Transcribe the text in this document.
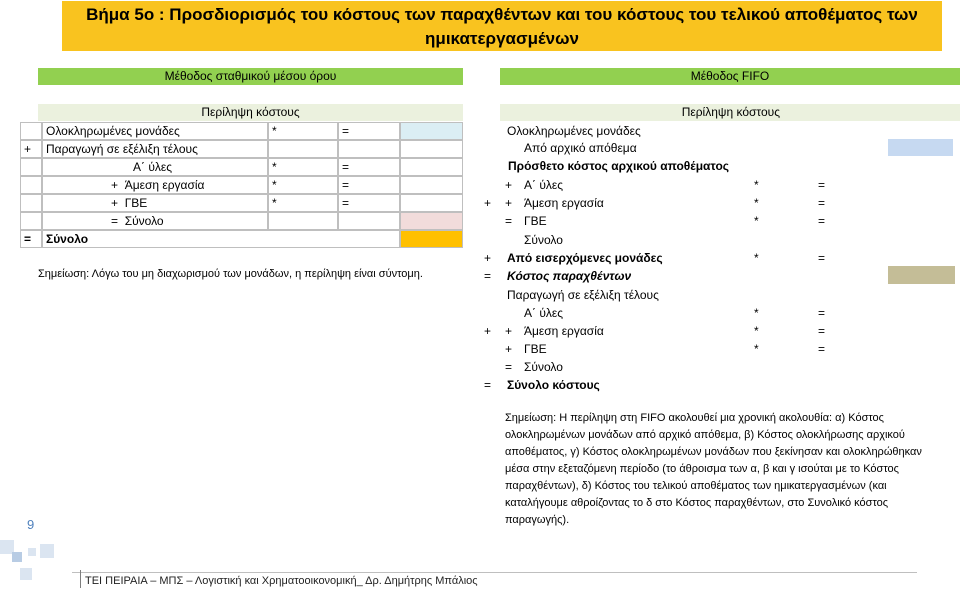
Βήμα 5ο : Προσδιορισμός του κόστους των παραχθέντων και του κόστους του τελικού αποθέματος των ημικατεργασμένων
Μέθοδος σταθμικού μέσου όρου	Μέθοδος FIFO
Περίληψη κόστους
Ολοκληρωμένες μονάδες	*	=
+	Παραγωγή σε εξέλιξη τέλους
Α΄ ύλες	*	=
+ Άμεση εργασία	*	=
+ ΓΒΕ	*	=
= Σύνολο
=	Σύνολο
Σημείωση: Λόγω του μη διαχωρισμού των μονάδων, η περίληψη είναι σύντομη.
Περίληψη κόστους
Ολοκληρωμένες μονάδες
Από αρχικό απόθεμα
Πρόσθετο κόστος αρχικού αποθέματος
+ Α΄ ύλες	*	=
+ + Άμεση εργασία	*	=
= ΓΒΕ	*	=
Σύνολο
+ Από εισερχόμενες μονάδες	*	=
= Κόστος παραχθέντων
Παραγωγή σε εξέλιξη τέλους
Α΄ ύλες	*	=
+ + Άμεση εργασία	*	=
+ ΓΒΕ	*	=
= Σύνολο
= Σύνολο κόστους
Σημείωση: Η περίληψη στη FIFO ακολουθεί μια χρονική ακολουθία: α) Κόστος ολοκληρωμένων μονάδων από αρχικό απόθεμα, β) Κόστος ολοκλήρωσης αρχικού αποθέματος, γ) Κόστος ολοκληρωμένων μονάδων που ξεκίνησαν και ολοκληρώθηκαν μέσα στην εξεταζόμενη περίοδο (το άθροισμα των α, β και γ ισούται με το Κόστος παραχθέντων), δ) Κόστος του τελικού αποθέματος των ημικατεργασμένων (και καταλήγουμε αθροίζοντας το δ στο Κόστος παραχθέντων, στο Συνολικό κόστος παραγωγής).
9
ΤΕΙ ΠΕΙΡΑΙΑ – ΜΠΣ – Λογιστική και Χρηματοοικονομική_ Δρ. Δημήτρης Μπάλιος
